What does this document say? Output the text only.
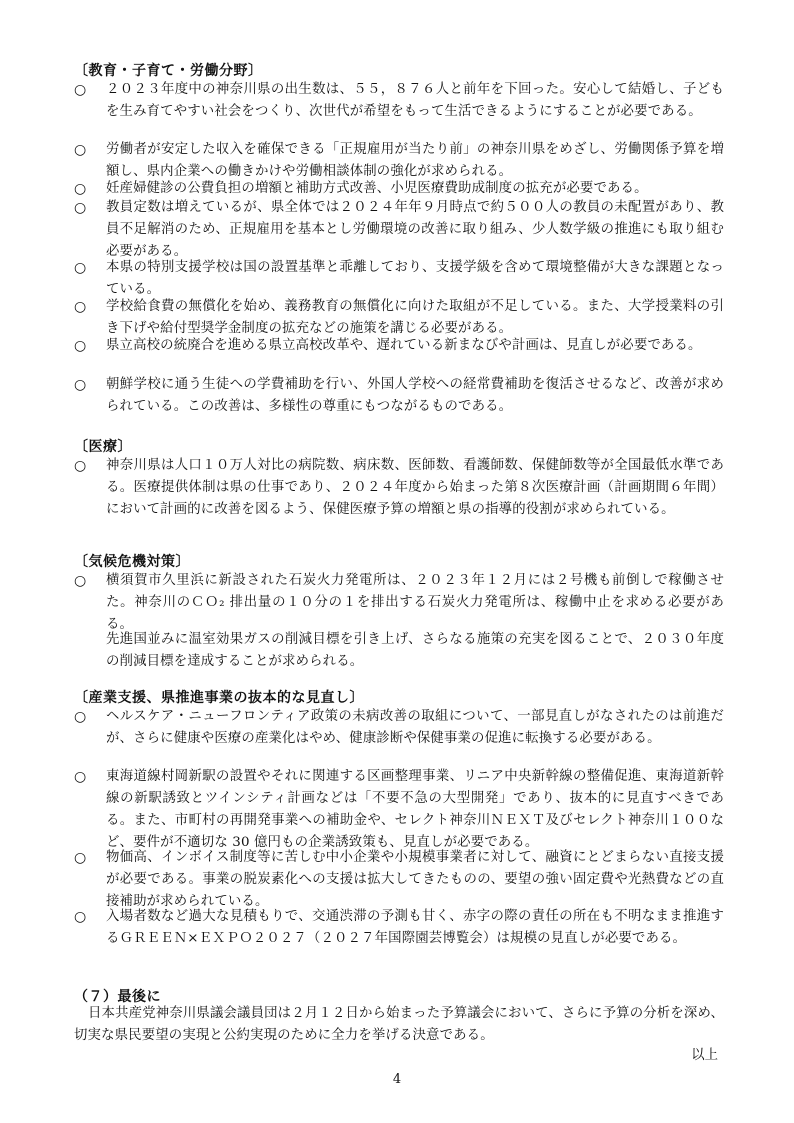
〔教育・子育て・労働分野〕
○	２０２３年度中の神奈川県の出生数は、５５，８７６人と前年を下回った。安心して結婚し、子どもを生み育てやすい社会をつくり、次世代が希望をもって生活できるようにすることが必要である。
○	労働者が安定した収入を確保できる「正規雇用が当たり前」の神奈川県をめざし、労働関係予算を増額し、県内企業への働きかけや労働相談体制の強化が求められる。
○	妊産婦健診の公費負担の増額と補助方式改善、小児医療費助成制度の拡充が必要である。
○	教員定数は増えているが、県全体では２０２４年年９月時点で約５００人の教員の未配置があり、教員不足解消のため、正規雇用を基本とし労働環境の改善に取り組み、少人数学級の推進にも取り組む必要がある。
○	本県の特別支援学校は国の設置基準と乖離しており、支援学級を含めて環境整備が大きな課題となっている。
○	学校給食費の無償化を始め、義務教育の無償化に向けた取組が不足している。また、大学授業料の引き下げや給付型奨学金制度の拡充などの施策を講じる必要がある。
○	県立高校の統廃合を進める県立高校改革や、遅れている新まなびや計画は、見直しが必要である。
○	朝鮮学校に通う生徒への学費補助を行い、外国人学校への経常費補助を復活させるなど、改善が求められている。この改善は、多様性の尊重にもつながるものである。
〔医療〕
○	神奈川県は人口１０万人対比の病院数、病床数、医師数、看護師数、保健師数等が全国最低水準である。医療提供体制は県の仕事であり、２０２４年度から始まった第８次医療計画（計画期間６年間）において計画的に改善を図るよう、保健医療予算の増額と県の指導的役割が求められている。
〔気候危機対策〕
○	横須賀市久里浜に新設された石炭火力発電所は、２０２３年１２月には２号機も前倒しで稼働させた。神奈川のＣＯ₂ 排出量の１０分の１を排出する石炭火力発電所は、稼働中止を求める必要がある。
先進国並みに温室効果ガスの削減目標を引き上げ、さらなる施策の充実を図ることで、２０３０年度の削減目標を達成することが求められる。
〔産業支援、県推進事業の抜本的な見直し〕
○	ヘルスケア・ニューフロンティア政策の未病改善の取組について、一部見直しがなされたのは前進だが、さらに健康や医療の産業化はやめ、健康診断や保健事業の促進に転換する必要がある。
○	東海道線村岡新駅の設置やそれに関連する区画整理事業、リニア中央新幹線の整備促進、東海道新幹線の新駅誘致とツインシティ計画などは「不要不急の大型開発」であり、抜本的に見直すべきである。また、市町村の再開発事業への補助金や、セレクト神奈川ＮＥＸＴ及びセレクト神奈川１００など、要件が不適切な 30 億円もの企業誘致策も、見直しが必要である。
○	物価高、インボイス制度等に苦しむ中小企業や小規模事業者に対して、融資にとどまらない直接支援が必要である。事業の脱炭素化への支援は拡大してきたものの、要望の強い固定費や光熱費などの直接補助が求められている。
○	入場者数など過大な見積もりで、交通渋滞の予測も甘く、赤字の際の責任の所在も不明なまま推進するＧＲＥＥＮ×ＥＸＰＯ２０２７（２０２７年国際園芸博覧会）は規模の見直しが必要である。
（７）最後に
日本共産党神奈川県議会議員団は２月１２日から始まった予算議会において、さらに予算の分析を深め、切実な県民要望の実現と公約実現のために全力を挙げる決意である。
以上
4
